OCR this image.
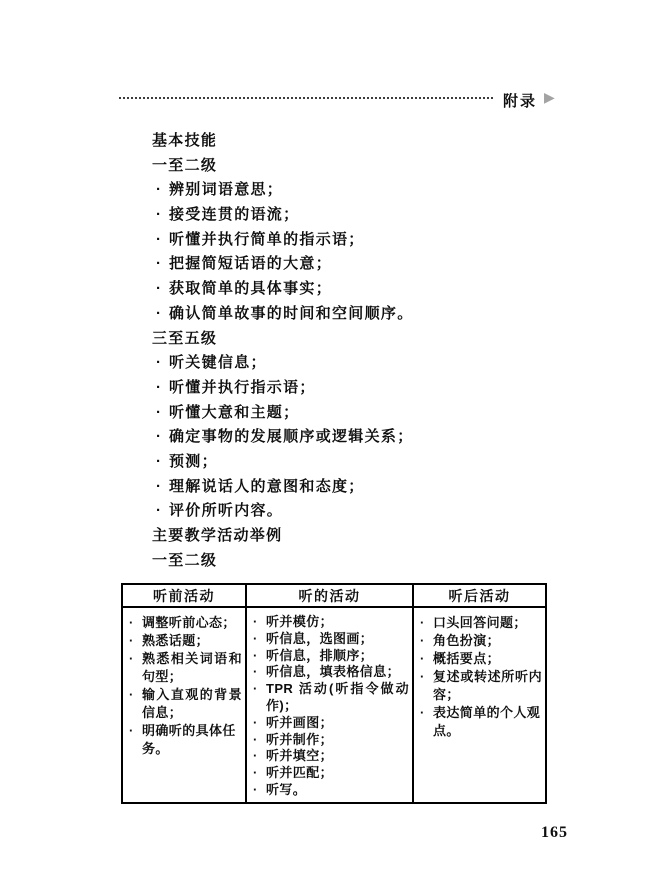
附录 ▶
基本技能
一至二级
· 辨别词语意思；
· 接受连贯的语流；
· 听懂并执行简单的指示语；
· 把握简短话语的大意；
· 获取简单的具体事实；
· 确认简单故事的时间和空间顺序。
三至五级
· 听关键信息；
· 听懂并执行指示语；
· 听懂大意和主题；
· 确定事物的发展顺序或逻辑关系；
· 预测；
· 理解说话人的意图和态度；
· 评价所听内容。
主要教学活动举例
一至二级
听前活动	听的活动	听后活动

· 调整听前心态；
· 熟悉话题；
· 熟悉相关词语和句型；
· 输入直观的背景信息；
· 明确听的具体任务。

· 听并模仿；
· 听信息，选图画；
· 听信息，排顺序；
· 听信息，填表格信息；
· TPR 活动(听指令做动作)；
· 听并画图；
· 听并制作；
· 听并填空；
· 听并匹配；
· 听写。

· 口头回答问题；
· 角色扮演；
· 概括要点；
· 复述或转述所听内容；
· 表达简单的个人观点。
165
